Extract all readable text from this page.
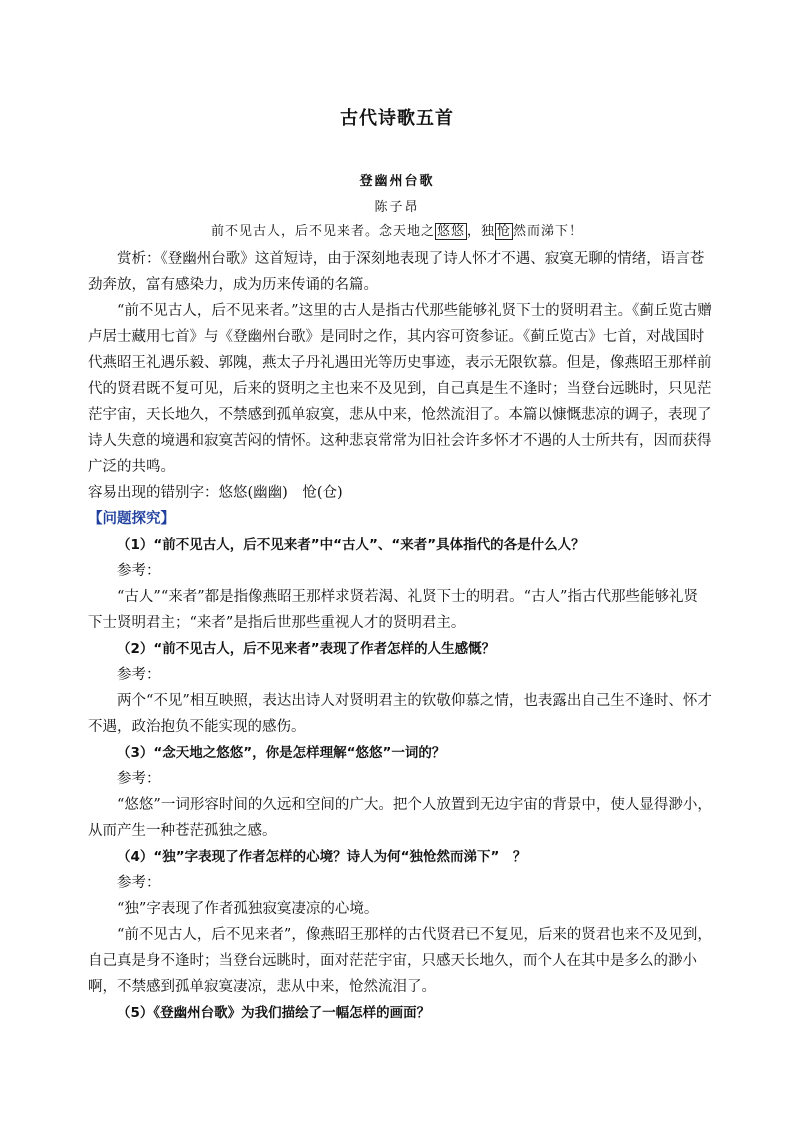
古代诗歌五首
登幽州台歌
陈子昂
前不见古人，后不见来者。念天地之 悠悠 ，独 怆 然而涕下！

赏析：《登幽州台歌》这首短诗，由于深刻地表现了诗人怀才不遇、寂寞无聊的情绪，语言苍劲奔放，富有感染力，成为历来传诵的名篇。

“前不见古人，后不见来者。”这里的古人是指古代那些能够礼贤下士的贤明君主。《蓟丘览古赠卢居士藏用七首》与《登幽州台歌》是同时之作，其内容可资参证。《蓟丘览古》七首，对战国时代燕昭王礼遇乐毅、郭隗，燕太子丹礼遇田光等历史事迹，表示无限钦慕。但是，像燕昭王那样前代的贤君既不复可见，后来的贤明之主也来不及见到，自己真是生不逢时；当登台远眺时，只见茫茫宇宙，天长地久，不禁感到孤单寂寞，悲从中来，怆然流泪了。本篇以慷慨悲凉的调子，表现了诗人失意的境遇和寂寞苦闷的情怀。这种悲哀常常为旧社会许多怀才不遇的人士所共有，因而获得广泛的共鸣。

容易出现的错别字：悠悠(幽幽)　怆(仓)

【问题探究】

（1）“前不见古人，后不见来者”中“古人”、“来者”具体指代的各是什么人？

参考：

“古人”“来者”都是指像燕昭王那样求贤若渴、礼贤下士的明君。“古人”指古代那些能够礼贤下士贤明君主；“来者”是指后世那些重视人才的贤明君主。

（2）“前不见古人，后不见来者”表现了作者怎样的人生感慨？

参考：

两个“不见”相互映照，表达出诗人对贤明君主的钦敬仰慕之情，也表露出自己生不逢时、怀才不遇，政治抱负不能实现的感伤。

（3）“念天地之悠悠”，你是怎样理解“悠悠”一词的？

参考：

“悠悠”一词形容时间的久远和空间的广大。把个人放置到无边宇宙的背景中，使人显得渺小，从而产生一种苍茫孤独之感。

（4）“独”字表现了作者怎样的心境？诗人为何“独怆然而涕下”　？

参考：

“独”字表现了作者孤独寂寞凄凉的心境。

“前不见古人，后不见来者”，像燕昭王那样的古代贤君已不复见，后来的贤君也来不及见到，自己真是身不逢时；当登台远眺时，面对茫茫宇宙，只感天长地久，而个人在其中是多么的渺小啊，不禁感到孤单寂寞凄凉，悲从中来，怆然流泪了。

（5）《登幽州台歌》为我们描绘了一幅怎样的画面？
